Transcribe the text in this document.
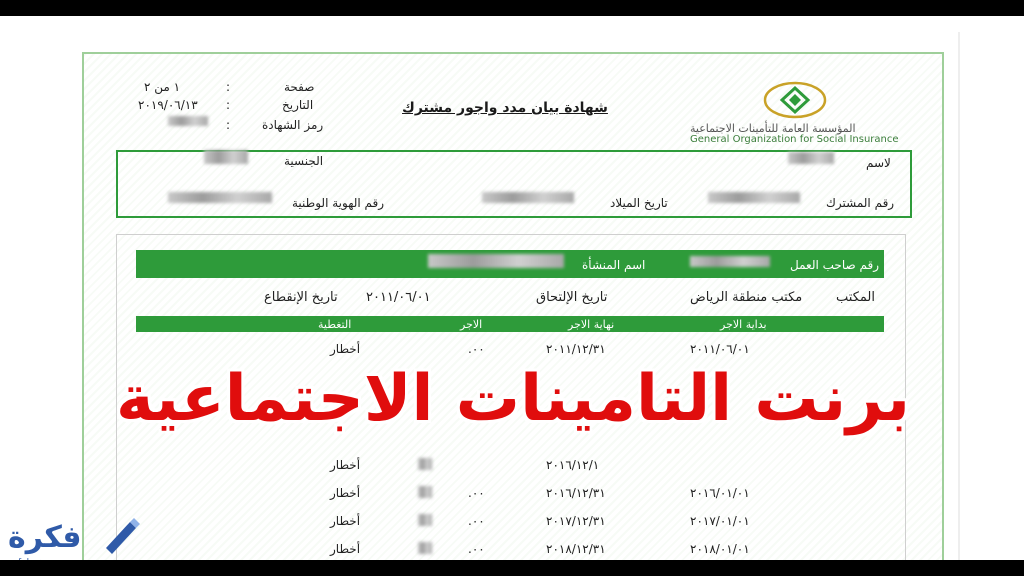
المؤسسة العامة للتأمينات الاجتماعية
General Organization for Social Insurance
صفحة
:
١ من ٢
التاريخ
:
٢٠١٩/٠٦/١٣
رمز الشهادة
:
شهادة بيان مدد واجور مشترك
لاسم
الجنسية
رقم المشترك
تاريخ الميلاد
رقم الهوية الوطنية
رقم صاحب العمل
اسم المنشأة
المكتب
مكتب منطقة الرياض
تاريخ الإلتحاق
٢٠١١/٠٦/٠١
تاريخ الإنقطاع
بداية الاجر
نهاية الاجر
الاجر
التغطية
٢٠١١/٠٦/٠١
٢٠١١/١٢/٣١
.٠٠
أخطار
٢٠١٦/١٢/١
أخطار
٢٠١٦/٠١/٠١
٢٠١٦/١٢/٣١
.٠٠
أخطار
٢٠١٧/٠١/٠١
٢٠١٧/١٢/٣١
.٠٠
أخطار
٢٠١٨/٠١/٠١
٢٠١٨/١٢/٣١
.٠٠
أخطار
برنت التامينات الاجتماعية
فكرة
